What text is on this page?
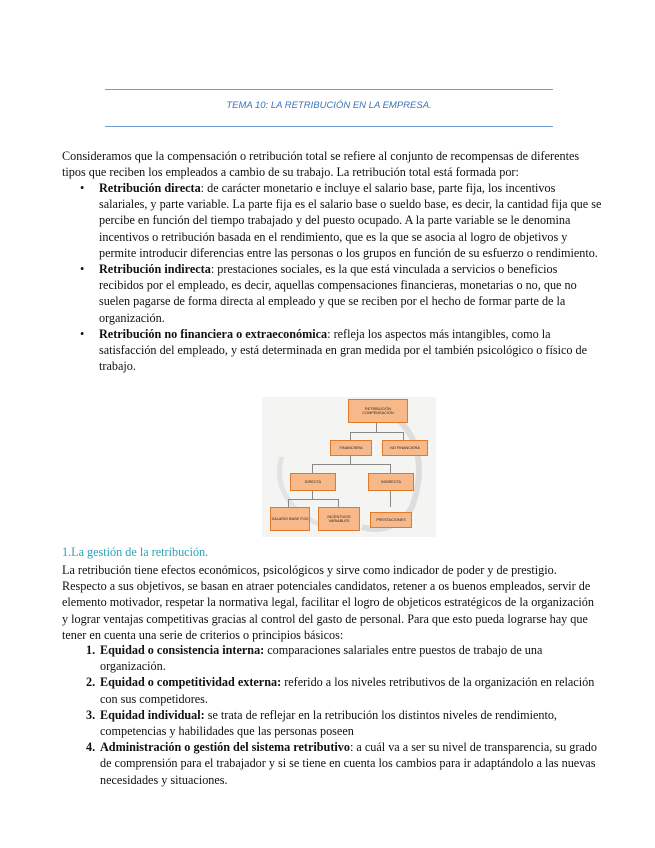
TEMA 10: LA RETRIBUCIÓN EN LA EMPRESA.
Consideramos que la compensación o retribución total se refiere al conjunto de recompensas de diferentes tipos que reciben los empleados a cambio de su trabajo. La retribución total está formada por:
• Retribución directa: de carácter monetario e incluye el salario base, parte fija, los incentivos salariales, y parte variable. La parte fija es el salario base o sueldo base, es decir, la cantidad fija que se percibe en función del tiempo trabajado y del puesto ocupado. A la parte variable se le denomina incentivos o retribución basada en el rendimiento, que es la que se asocia al logro de objetivos y permite introducir diferencias entre las personas o los grupos en función de su esfuerzo o rendimiento.
• Retribución indirecta: prestaciones sociales, es la que está vinculada a servicios o beneficios recibidos por el empleado, es decir, aquellas compensaciones financieras, monetarias o no, que no suelen pagarse de forma directa al empleado y que se reciben por el hecho de formar parte de la organización.
• Retribución no financiera o extraeconómica: refleja los aspectos más intangibles, como la satisfacción del empleado, y está determinada en gran medida por el también psicológico o físico de trabajo.
RETRIBUCIÓN COMPENSACIÓN
FINANCIERA	NO FINANCIERA
DIRECTA	INDIRECTA
SALARIO BASE FIJO
INCENTIVOS VARIABLES	PRESTACIONES
1.La gestión de la retribución.
La retribución tiene efectos económicos, psicológicos y sirve como indicador de poder y de prestigio. Respecto a sus objetivos, se basan en atraer potenciales candidatos, retener a os buenos empleados, servir de elemento motivador, respetar la normativa legal, facilitar el logro de objeticos estratégicos de la organización y lograr ventajas competitivas gracias al control del gasto de personal. Para que esto pueda lograrse hay que tener en cuenta una serie de criterios o principios básicos:
1. Equidad o consistencia interna: comparaciones salariales entre puestos de trabajo de una organización.
2. Equidad o competitividad externa: referido a los niveles retributivos de la organización en relación con sus competidores.
3. Equidad individual: se trata de reflejar en la retribución los distintos niveles de rendimiento, competencias y habilidades que las personas poseen
4. Administración o gestión del sistema retributivo: a cuál va a ser su nivel de transparencia, su grado de comprensión para el trabajador y si se tiene en cuenta los cambios para ir adaptándolo a las nuevas necesidades y situaciones.
